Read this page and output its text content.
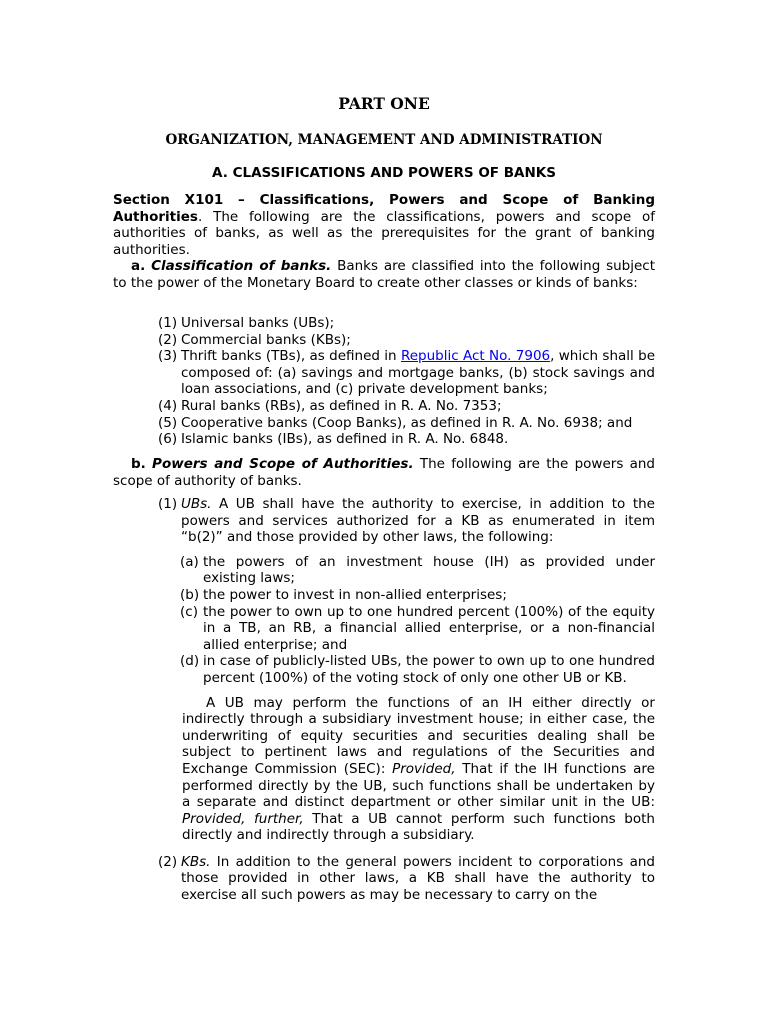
PART ONE
ORGANIZATION, MANAGEMENT AND ADMINISTRATION
A. CLASSIFICATIONS AND POWERS OF BANKS

Section X101 – Classifications, Powers and Scope of Banking Authorities. The following are the classifications, powers and scope of authorities of banks, as well as the prerequisites for the grant of banking authorities.

a. Classification of banks. Banks are classified into the following subject to the power of the Monetary Board to create other classes or kinds of banks:

(1) Universal banks (UBs);
(2) Commercial banks (KBs);
(3) Thrift banks (TBs), as defined in Republic Act No. 7906, which shall be composed of: (a) savings and mortgage banks, (b) stock savings and loan associations, and (c) private development banks;
(4) Rural banks (RBs), as defined in R. A. No. 7353;
(5) Cooperative banks (Coop Banks), as defined in R. A. No. 6938; and
(6) Islamic banks (IBs), as defined in R. A. No. 6848.

b. Powers and Scope of Authorities. The following are the powers and scope of authority of banks.

(1) UBs. A UB shall have the authority to exercise, in addition to the powers and services authorized for a KB as enumerated in item “b(2)” and those provided by other laws, the following:
(a) the powers of an investment house (IH) as provided under existing laws;
(b) the power to invest in non-allied enterprises;
(c) the power to own up to one hundred percent (100%) of the equity in a TB, an RB, a financial allied enterprise, or a non-financial allied enterprise; and
(d) in case of publicly-listed UBs, the power to own up to one hundred percent (100%) of the voting stock of only one other UB or KB.

A UB may perform the functions of an IH either directly or indirectly through a subsidiary investment house; in either case, the underwriting of equity securities and securities dealing shall be subject to pertinent laws and regulations of the Securities and Exchange Commission (SEC): Provided, That if the IH functions are performed directly by the UB, such functions shall be undertaken by a separate and distinct department or other similar unit in the UB: Provided, further, That a UB cannot perform such functions both directly and indirectly through a subsidiary.

(2) KBs. In addition to the general powers incident to corporations and those provided in other laws, a KB shall have the authority to exercise all such powers as may be necessary to carry on the
